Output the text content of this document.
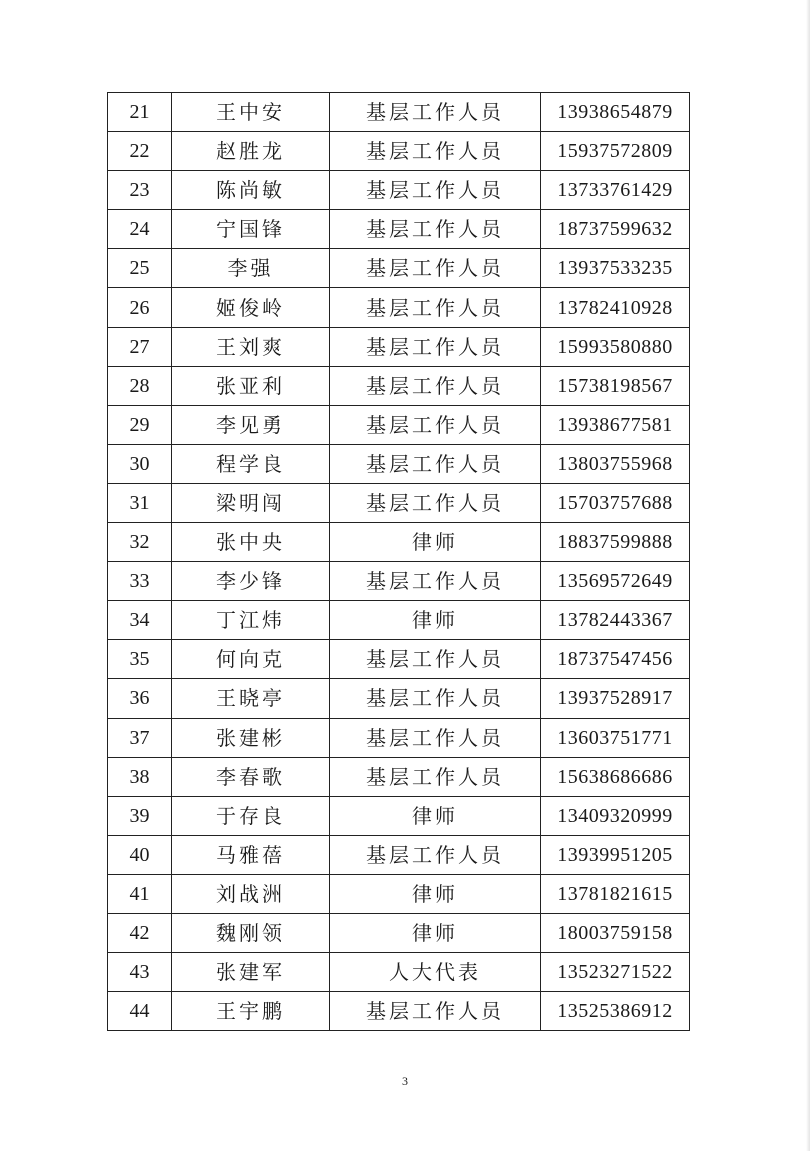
21	王中安	基层工作人员	13938654879
22	赵胜龙	基层工作人员	15937572809
23	陈尚敏	基层工作人员	13733761429
24	宁国锋	基层工作人员	18737599632
25	李强	基层工作人员	13937533235
26	姬俊岭	基层工作人员	13782410928
27	王刘爽	基层工作人员	15993580880
28	张亚利	基层工作人员	15738198567
29	李见勇	基层工作人员	13938677581
30	程学良	基层工作人员	13803755968
31	梁明闯	基层工作人员	15703757688
32	张中央	律师	18837599888
33	李少锋	基层工作人员	13569572649
34	丁江炜	律师	13782443367
35	何向克	基层工作人员	18737547456
36	王晓亭	基层工作人员	13937528917
37	张建彬	基层工作人员	13603751771
38	李春歌	基层工作人员	15638686686
39	于存良	律师	13409320999
40	马雅蓓	基层工作人员	13939951205
41	刘战洲	律师	13781821615
42	魏刚领	律师	18003759158
43	张建军	人大代表	13523271522
44	王宇鹏	基层工作人员	13525386912
3
